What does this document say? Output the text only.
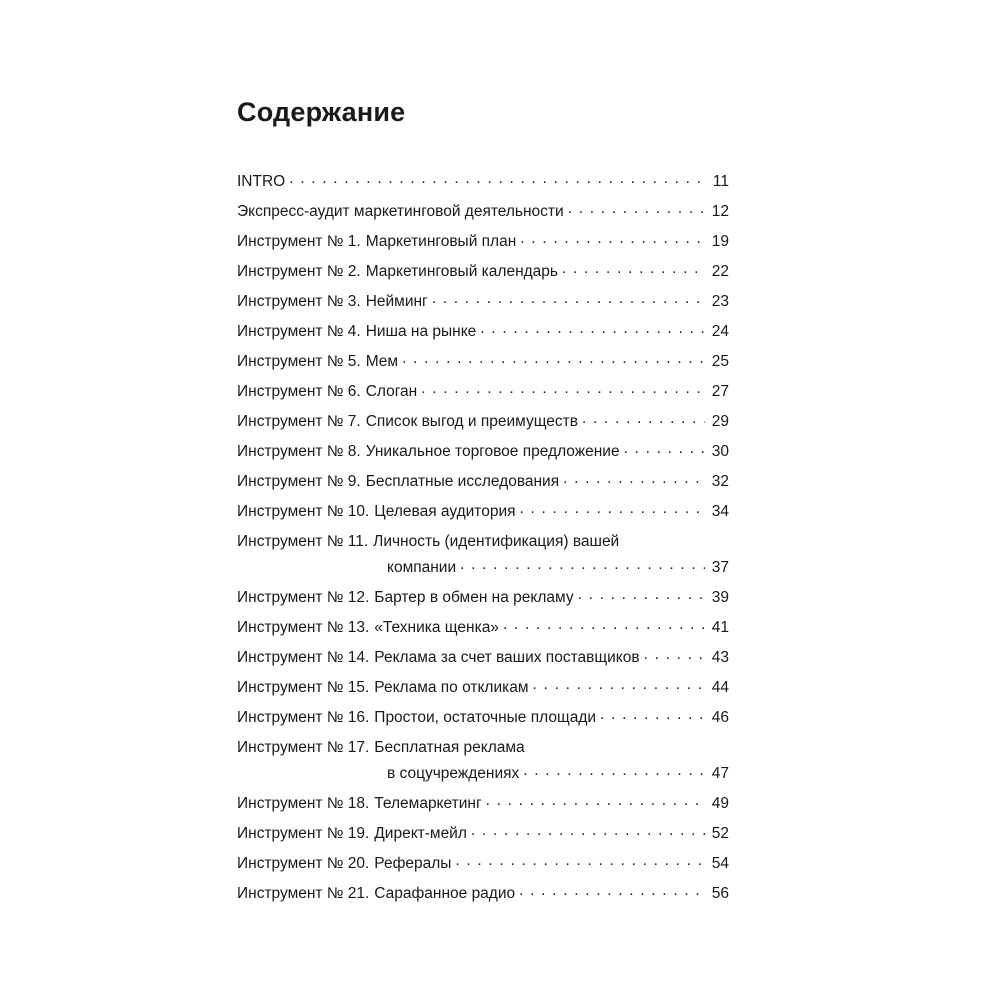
Содержание
INTRO . . .	11
Экспресс-аудит маркетинговой деятельности . . .	12
Инструмент № 1. Маркетинговый план . . .	19
Инструмент № 2. Маркетинговый календарь . . .	22
Инструмент № 3. Нейминг . . .	23
Инструмент № 4. Ниша на рынке . . .	24
Инструмент № 5. Мем . . .	25
Инструмент № 6. Слоган . . .	27
Инструмент № 7. Список выгод и преимуществ . . .	29
Инструмент № 8. Уникальное торговое предложение . . .	30
Инструмент № 9. Бесплатные исследования . . .	32
Инструмент № 10. Целевая аудитория . . .	34
Инструмент № 11. Личность (идентификация) вашей
компании . . .	37
Инструмент № 12. Бартер в обмен на рекламу . . .	39
Инструмент № 13. «Техника щенка» . . .	41
Инструмент № 14. Реклама за счет ваших поставщиков . . .	43
Инструмент № 15. Реклама по откликам . . .	44
Инструмент № 16. Простои, остаточные площади . . .	46
Инструмент № 17. Бесплатная реклама
в соцучреждениях . . .	47
Инструмент № 18. Телемаркетинг . . .	49
Инструмент № 19. Директ-мейл . . .	52
Инструмент № 20. Рефералы . . .	54
Инструмент № 21. Сарафанное радио . . .	56
